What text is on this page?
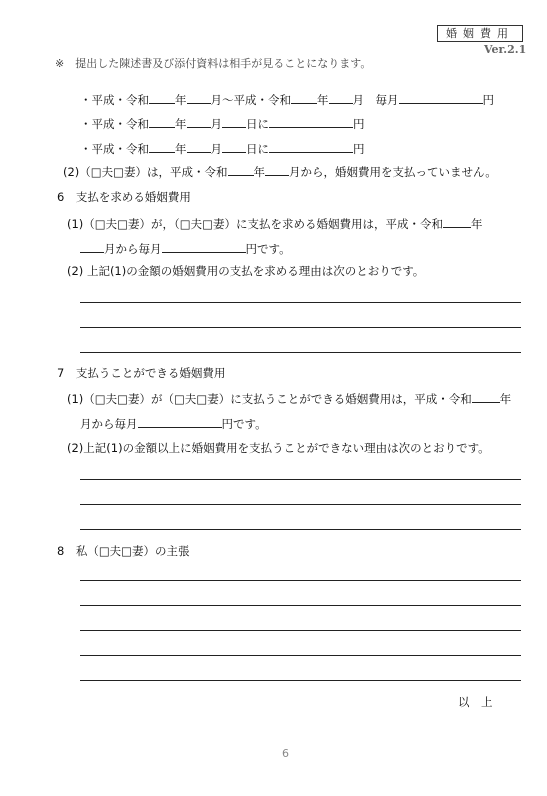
婚姻費用
Ver.2.1
※　提出した陳述書及び添付資料は相手が見ることになります。
・平成・令和 年 月～平成・令和 年 月　毎月	円
・平成・令和 年 月 日に	円
・平成・令和 年 月 日に	円
(2)（□夫□妻）は，平成・令和 年 月から，婚姻費用を支払っていません。
6　支払を求める婚姻費用
(1)（□夫□妻）が，（□夫□妻）に支払を求める婚姻費用は，平成・令和 年
月から毎月	円です。
(2) 上記(1)の金額の婚姻費用の支払を求める理由は次のとおりです。
7　支払うことができる婚姻費用
(1)（□夫□妻）が（□夫□妻）に支払うことができる婚姻費用は，平成・令和 年
月から毎月	円です。
(2)上記(1)の金額以上に婚姻費用を支払うことができない理由は次のとおりです。
8　私（□夫□妻）の主張
以　上
6
